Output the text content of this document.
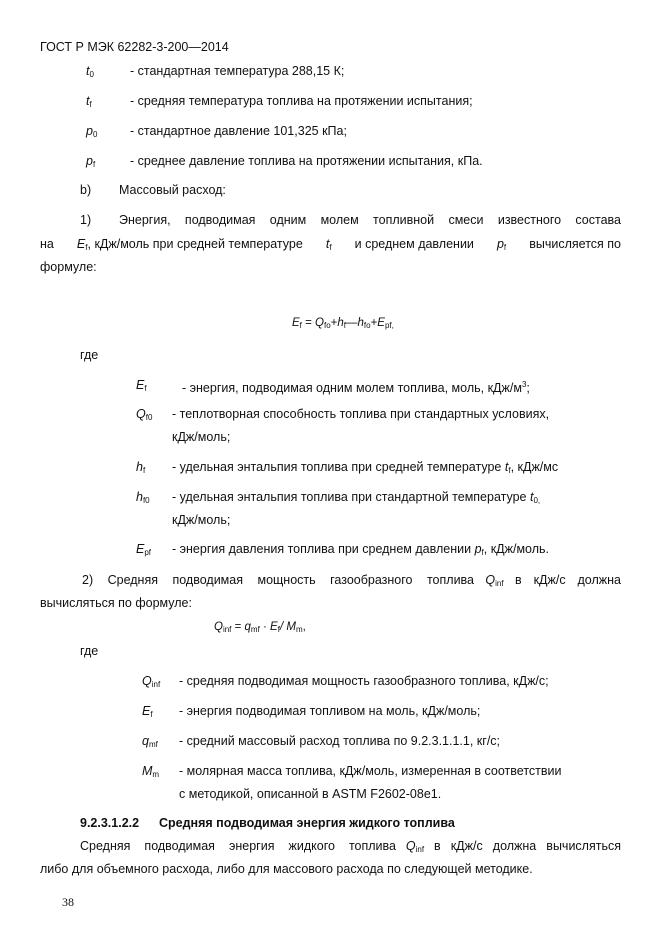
ГОСТ Р МЭК 62282-3-200—2014
$t_0$	- стандартная температура 288,15 К;
$t_f$	- средняя температура топлива на протяжении испытания;
$p_0$	- стандартное давление 101,325 кПа;
$p_f$	- среднее давление топлива на протяжении испытания, кПа.
b) Массовый расход:
1) Энергия, подводимая одним молем топливной смеси известного состава
на $E_f$, кДж/моль при средней температуре $t_f$ и среднем давлении $p_f$ вычисляется по
формуле:
$E_f$ = $Q_{fo}+h_f—h_{fo}+E_{pf,}$
где
$E_f$	- энергия, подводимая одним молем топлива, моль, кДж/$м^3$;
$Q_{f0}$ - теплотворная способность топлива при стандартных условиях,
кДж/моль;
$h_f$ - удельная энтальпия топлива при средней температуре $t_f$, кДж/мс
$h_{f0}$ - удельная энтальпия топлива при стандартной температуре $t_{0,}$
кДж/моль;
$E_{pf}$ - энергия давления топлива при среднем давлении $p_f$, кДж/моль.
2) Средняя подводимая мощность газообразного топлива $Q_{inf}$ в кДж/с должна
вычисляться по формуле:
$Q_{inf} = q_{mf} \cdot E_f/$ $M_m$,
где
$Q_{inf}$ - средняя подводимая мощность газообразного топлива, кДж/с;
$E_f$ - энергия подводимая топливом на моль, кДж/моль;
$q_{mf}$ - средний массовый расход топлива по 9.2.3.1.1.1, кг/с;
$M_m$ - молярная масса топлива, кДж/моль, измеренная в соответствии
с методикой, описанной в ASTM F2602-08e1.
9.2.3.1.2.2 Средняя подводимая энергия жидкого топлива
Средняя подводимая энергия жидкого топлива $Q_{inf}$ в кДж/с должна вычисляться
либо для объемного расхода, либо для массового расхода по следующей методике.
38
